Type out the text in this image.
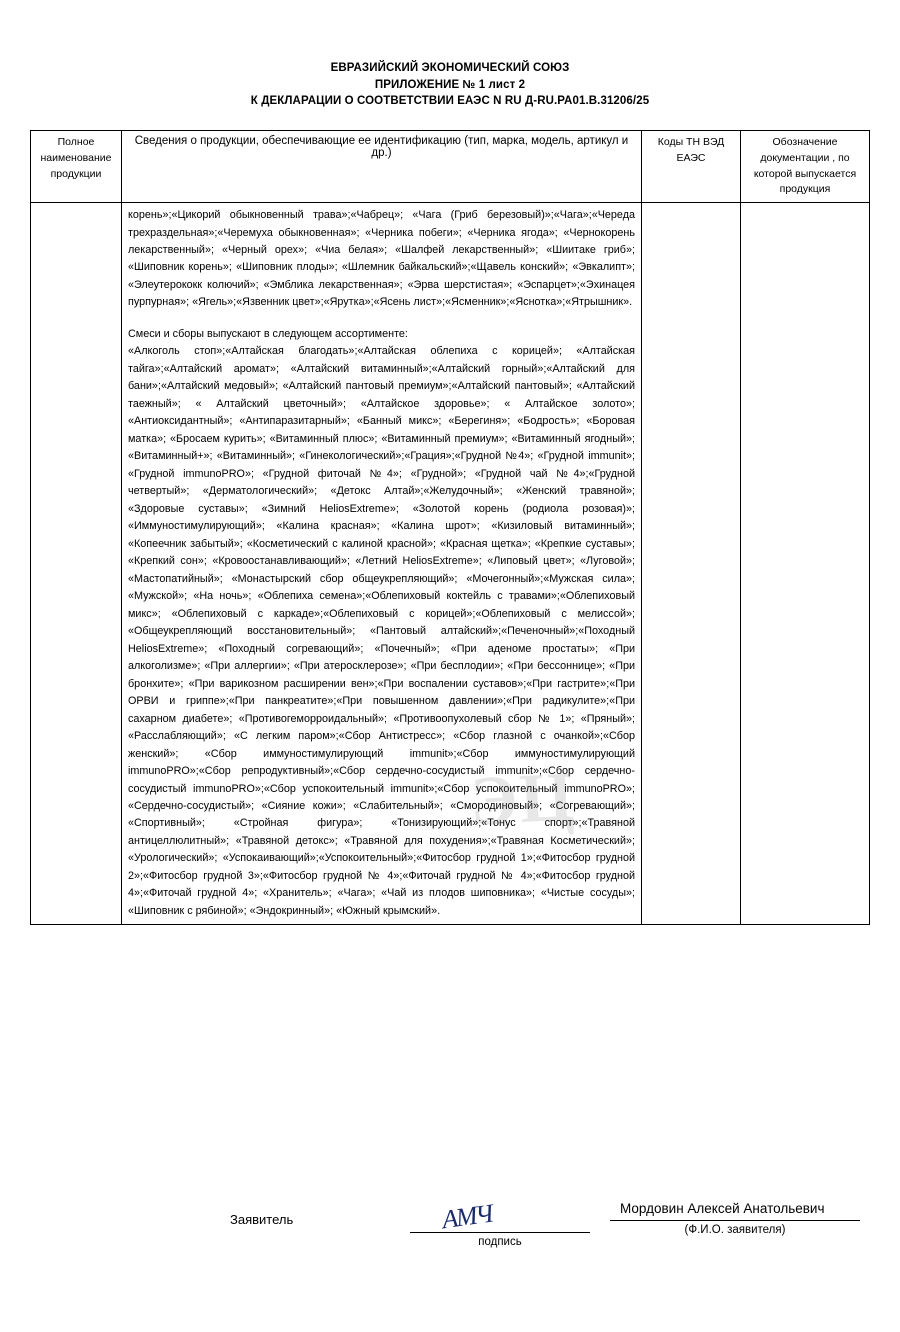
ЕВРАЗИЙСКИЙ ЭКОНОМИЧЕСКИЙ СОЮЗ
ПРИЛОЖЕНИЕ № 1 лист 2
К ДЕКЛАРАЦИИ О СООТВЕТСТВИИ ЕАЭС N RU Д-RU.РА01.В.31206/25
Полное наименование продукции	Сведения о продукции, обеспечивающие ее идентификацию (тип, марка, модель, артикул и др.)	Коды ТН ВЭД ЕАЭС	Обозначение документации , по которой выпускается продукция

	корень»;«Цикорий обыкновенный трава»;«Чабрец»; «Чага (Гриб березовый)»;«Чага»;«Череда трехраздельная»;«Черемуха обыкновенная»; «Черника побеги»; «Черника ягода»; «Чернокорень лекарственный»; «Черный орех»; «Чиа белая»; «Шалфей лекарственный»; «Шиитаке гриб»; «Шиповник корень»; «Шиповник плоды»; «Шлемник байкальский»;«Щавель конский»; «Эвкалипт»; «Элеутерококк колючий»; «Эмблика лекарственная»; «Эрва шерстистая»; «Эспарцет»;«Эхинацея пурпурная»; «Ягель»;«Язвенник цвет»;«Ярутка»;«Ясень лист»;«Ясменник»;«Яснотка»;«Ятрышник».

Смеси и сборы выпускают в следующем ассортименте:

«Алкоголь стоп»;«Алтайская благодать»;«Алтайская облепиха с корицей»; «Алтайская тайга»;«Алтайский аромат»; «Алтайский витаминный»;«Алтайский горный»;«Алтайский для бани»;«Алтайский медовый»; «Алтайский пантовый премиум»;«Алтайский пантовый»; «Алтайский таежный»; « Алтайский цветочный»; «Алтайское здоровье»; « Алтайское золото»; «Антиоксидантный»; «Антипаразитарный»; «Банный микс»; «Берегиня»; «Бодрость»; «Боровая матка»; «Бросаем курить»; «Витаминный плюс»; «Витаминный премиум»; «Витаминный ягодный»; «Витаминный+»; «Витаминный»; «Гинекологический»;«Грация»;«Грудной №4»; «Грудной immunit»; «Грудной immunoPRO»; «Грудной фиточай №4»; «Грудной»; «Грудной чай №4»;«Грудной четвертый»; «Дерматологический»; «Детокс Алтай»;«Желудочный»; «Женский травяной»; «Здоровые суставы»; «Зимний HeliosExtreme»; «Золотой корень (родиола розовая)»; «Иммуностимулирующий»; «Калина красная»; «Калина шрот»; «Кизиловый витаминный»; «Копеечник забытый»; «Косметический с калиной красной»; «Красная щетка»; «Крепкие суставы»; «Крепкий сон»; «Кровоостанавливающий»; «Летний HeliosExtreme»; «Липовый цвет»; «Луговой»; «Мастопатийный»; «Монастырский сбор общеукрепляющий»; «Мочегонный»;«Мужская сила»; «Мужской»; «На ночь»; «Облепиха семена»;«Облепиховый коктейль с травами»;«Облепиховый микс»; «Облепиховый с каркаде»;«Облепиховый с корицей»;«Облепиховый с мелиссой»; «Общеукрепляющий восстановительный»; «Пантовый алтайский»;«Печеночный»;«Походный HeliosExtreme»; «Походный согревающий»; «Почечный»; «При аденоме простаты»; «При алкоголизме»; «При аллергии»; «При атеросклерозе»; «При бесплодии»; «При бессоннице»; «При бронхите»; «При варикозном расширении вен»;«При воспалении суставов»;«При гастрите»;«При ОРВИ и гриппе»;«При панкреатите»;«При повышенном давлении»;«При радикулите»;«При сахарном диабете»; «Противогеморроидальный»; «Противоопухолевый сбор № 1»; «Пряный»; «Расслабляющий»; «С легким паром»;«Сбор Антистресс»; «Сбор глазной с очанкой»;«Сбор женский»; «Сбор иммуностимулирующий immunit»;«Сбор иммуностимулирующий immunoPRO»;«Сбор репродуктивный»;«Сбор сердечно-сосудистый immunit»;«Сбор сердечно-сосудистый immunoPRO»;«Сбор успокоительный immunit»;«Сбор успокоительный immunoPRO»; «Сердечно-сосудистый»; «Сияние кожи»; «Слабительный»; «Смородиновый»; «Согревающий»; «Спортивный»; «Стройная фигура»; «Тонизирующий»;«Тонус спорт»;«Травяной антицеллюлитный»; «Травяной детокс»; «Травяной для похудения»;«Травяная Косметический»; «Урологический»; «Успокаивающий»;«Успокоительный»;«Фитосбор грудной 1»;«Фитосбор грудной 2»;«Фитосбор грудной 3»;«Фитосбор грудной № 4»;«Фиточай грудной № 4»;«Фитосбор грудной 4»;«Фиточай грудной 4»; «Хранитель»; «Чага»; «Чай из плодов шиповника»; «Чистые сосуды»; «Шиповник с рябиной»; «Эндокринный»; «Южный крымский».		

ЭЦ
Заявитель	АМЧ
подпись
Мордовин Алексей Анатольевич
(Ф.И.О. заявителя)
